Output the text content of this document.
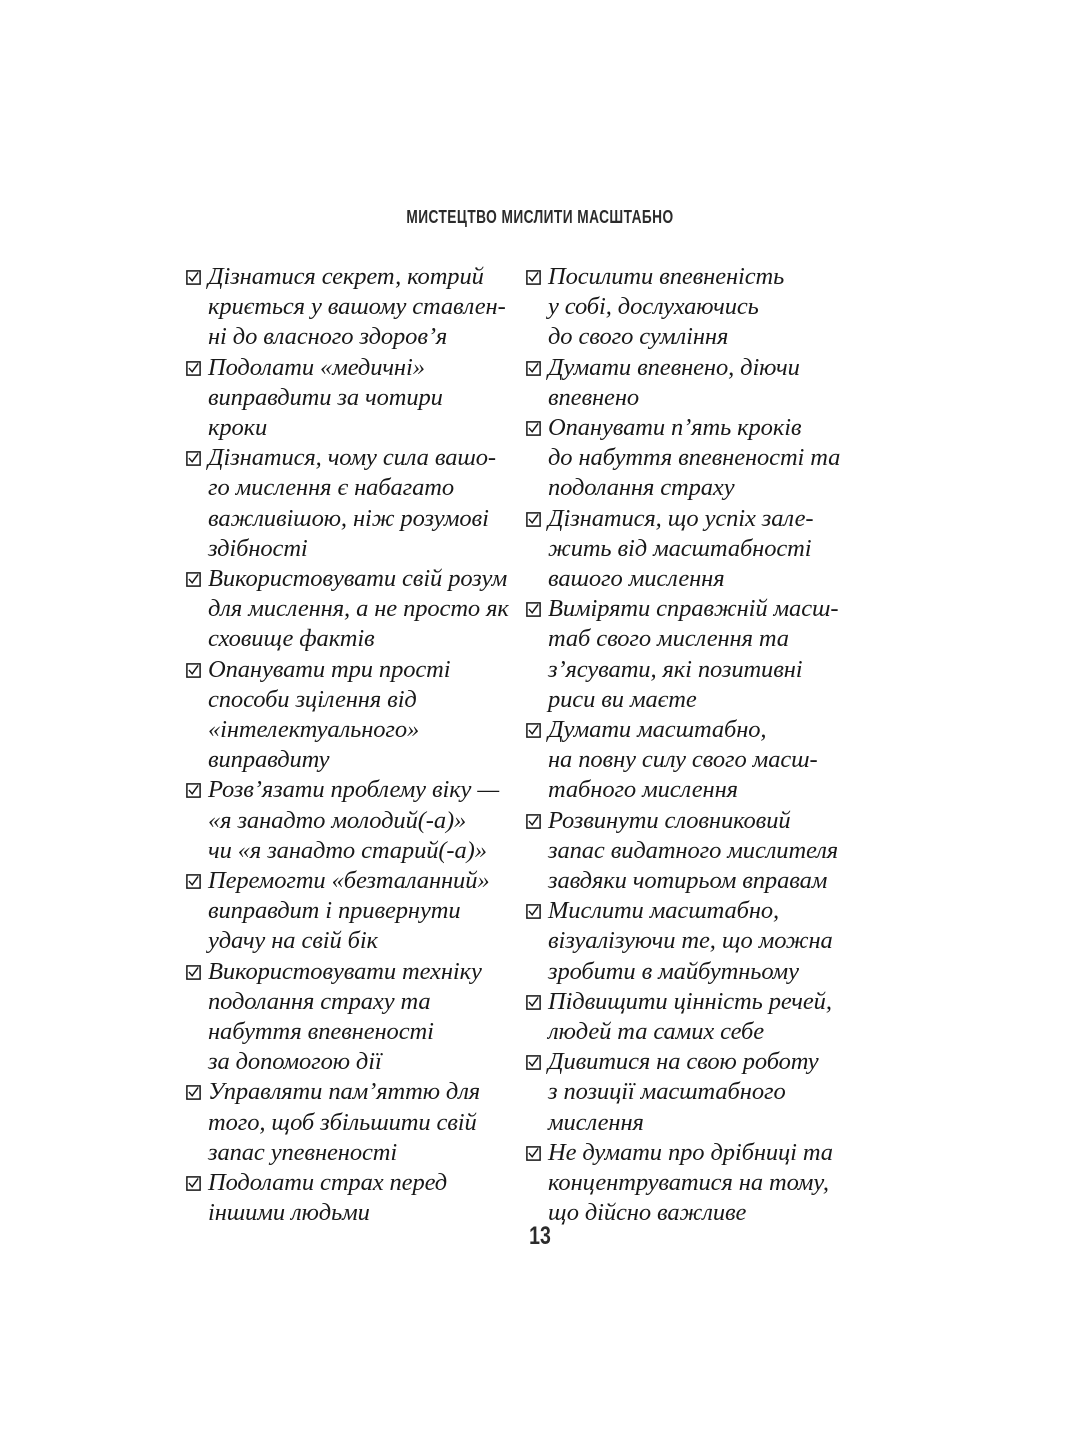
МИСТЕЦТВО МИСЛИТИ МАСШТАБНО
Дізнатися секрет, котрий
криється у вашому ставлен-
ні до власного здоров’я
Подолати «медичні»
виправдити за чотири
кроки
Дізнатися, чому сила вашо-
го мислення є набагато
важливішою, ніж розумові
здібності
Використовувати свій розум
для мислення, а не просто як
сховище фактів
Опанувати три прості
способи зцілення від
«інтелектуального»
виправдиту
Розв’язати проблему віку —
«я занадто молодий(-а)»
чи «я занадто старий(-а)»
Перемогти «безталанний»
виправдит і привернути
удачу на свій бік
Використовувати техніку
подолання страху та
набуття впевненості
за допомогою дії
Управляти пам’яттю для
того, щоб збільшити свій
запас упевненості
Подолати страх перед
іншими людьми
Посилити впевненість
у собі, дослухаючись
до свого сумління
Думати впевнено, діючи
впевнено
Опанувати п’ять кроків
до набуття впевненості та
подолання страху
Дізнатися, що успіх зале-
жить від масштабності
вашого мислення
Виміряти справжній масш-
таб свого мислення та
з’ясувати, які позитивні
риси ви маєте
Думати масштабно,
на повну силу свого масш-
табного мислення
Розвинути словниковий
запас видатного мислителя
завдяки чотирьом вправам
Мислити масштабно,
візуалізуючи те, що можна
зробити в майбутньому
Підвищити цінність речей,
людей та самих себе
Дивитися на свою роботу
з позиції масштабного
мислення
Не думати про дрібниці та
концентруватися на тому,
що дійсно важливе
13
